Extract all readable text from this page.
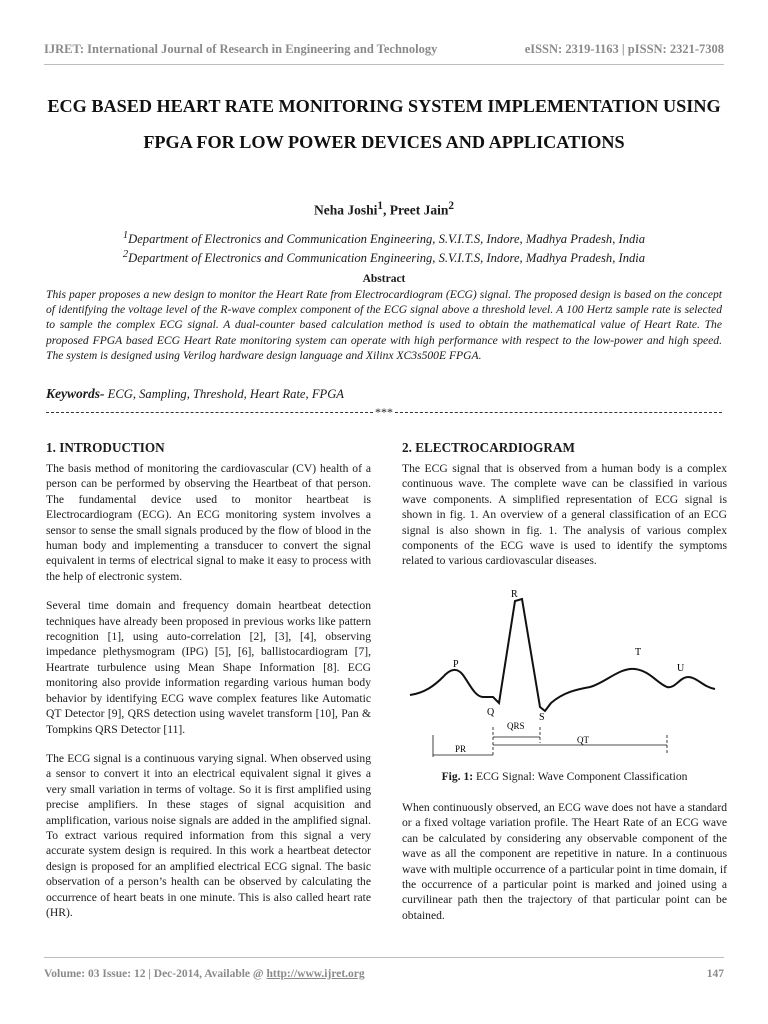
IJRET: International Journal of Research in Engineering and Technology	eISSN: 2319-1163 | pISSN: 2321-7308
ECG BASED HEART RATE MONITORING SYSTEM IMPLEMENTATION USING FPGA FOR LOW POWER DEVICES AND APPLICATIONS
Neha Joshi$^1$, Preet Jain$^2$
$^1$Department of Electronics and Communication Engineering, S.V.I.T.S, Indore, Madhya Pradesh, India
$^2$Department of Electronics and Communication Engineering, S.V.I.T.S, Indore, Madhya Pradesh, India
Abstract
This paper proposes a new design to monitor the Heart Rate from Electrocardiogram (ECG) signal. The proposed design is based on the concept of identifying the voltage level of the R-wave complex component of the ECG signal above a threshold level. A 100 Hertz sample rate is selected to sample the complex ECG signal. A dual-counter based calculation method is used to obtain the mathematical value of Heart Rate. The proposed FPGA based ECG Heart Rate monitoring system can operate with high performance with respect to the low-power and high speed. The system is designed using Verilog hardware design language and Xilinx XC3s500E FPGA.
Keywords- ECG, Sampling, Threshold, Heart Rate, FPGA
***
1. INTRODUCTION

The basis method of monitoring the cardiovascular (CV) health of a person can be performed by observing the Heartbeat of that person. The fundamental device used to monitor heartbeat is Electrocardiogram (ECG). An ECG monitoring system involves a sensor to sense the small signals produced by the flow of blood in the human body and implementing a transducer to convert the signal equivalent in terms of electrical signal to make it easy to process with the help of electronic system.

Several time domain and frequency domain heartbeat detection techniques have already been proposed in previous works like pattern recognition [1], using auto-correlation [2], [3], [4], observing impedance plethysmogram (IPG) [5], [6], ballistocardiogram [7], Heartrate turbulence using Mean Shape Information [8]. ECG monitoring also provide information regarding various human body behavior by identifying ECG wave complex features like Automatic QT Detector [9], QRS detection using wavelet transform [10], Pan & Tompkins QRS Detector [11].

The ECG signal is a continuous varying signal. When observed using a sensor to convert it into an electrical equivalent signal it gives a very small variation in terms of voltage. So it is first amplified using precise amplifiers. In these stages of signal acquisition and amplification, various noise signals are added in the amplified signal. To extract various required information from this signal a very accurate system design is required. In this work a heartbeat detector design is proposed for an amplified electrical ECG signal. The basic observation of a person’s health can be observed by calculating the occurrence of heart beats in one minute. This is also called heart rate (HR).

2. ELECTROCARDIOGRAM

The ECG signal that is observed from a human body is a complex continuous wave. The complete wave can be classified in various wave components. A simplified representation of ECG signal is shown in fig. 1. An overview of a general classification of an ECG signal is also shown in fig. 1. The analysis of various complex components of the ECG wave is used to identify the symptoms related to various cardiovascular diseases.

R
P
T
U
Q	S
QRS
QT
PR
Fig. 1: ECG Signal: Wave Component Classification

When continuously observed, an ECG wave does not have a standard or a fixed voltage variation profile. The Heart Rate of an ECG wave can be calculated by considering any observable component of the wave as all the component are repetitive in nature. In a continuous wave with multiple occurrence of a particular point in time domain, if the occurrence of a particular point is marked and joined using a curvilinear path then the trajectory of that particular point can be obtained.

Volume: 03 Issue: 12 | Dec-2014, Available @ http://www.ijret.org	147
